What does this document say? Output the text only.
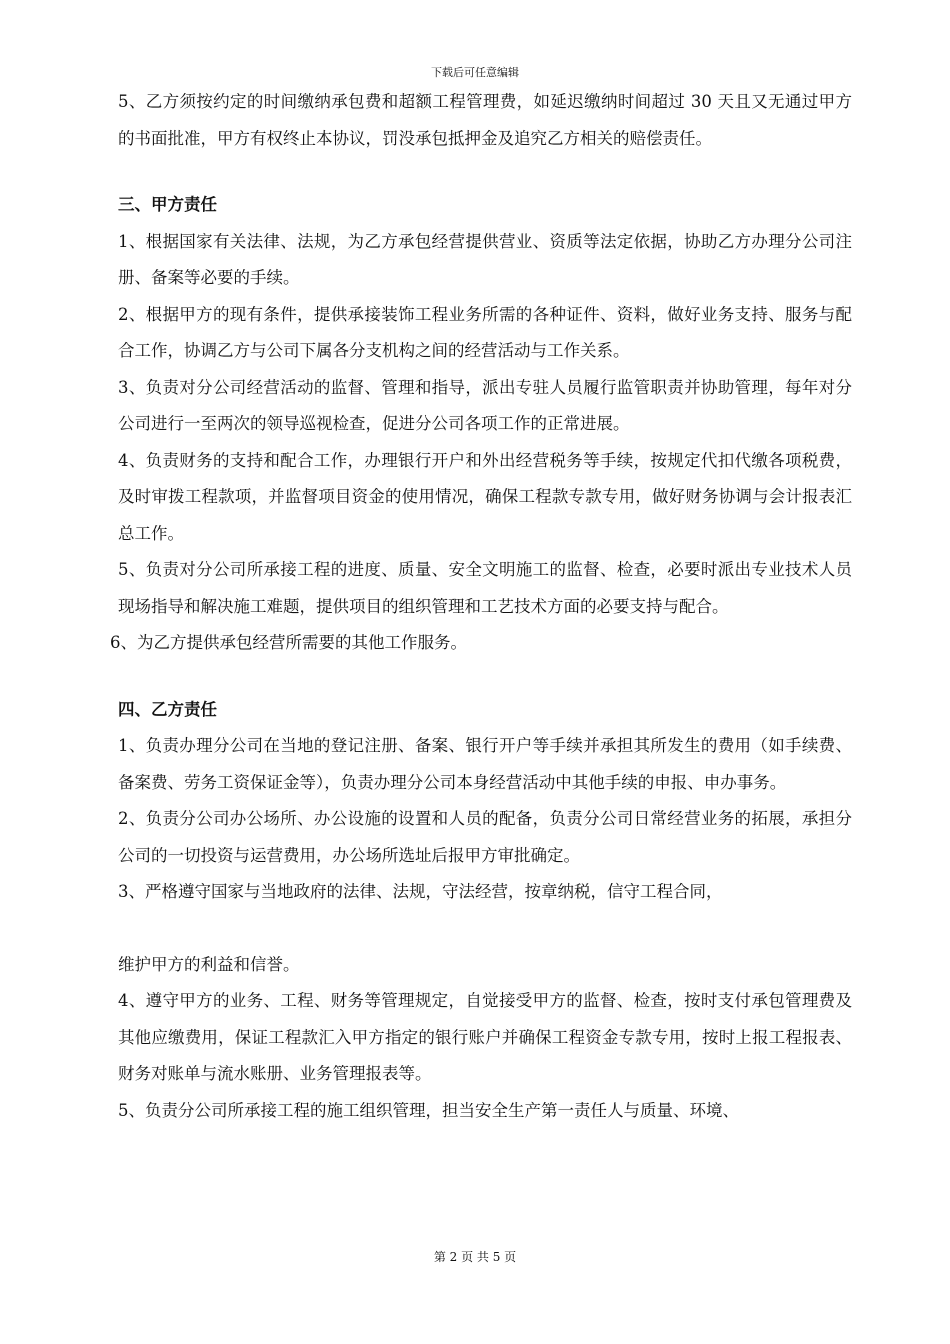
下载后可任意编辑

5、乙方须按约定的时间缴纳承包费和超额工程管理费，如延迟缴纳时间超过 30 天且又无通过甲方的书面批准，甲方有权终止本协议，罚没承包抵押金及追究乙方相关的赔偿责任。

三、甲方责任

1、根据国家有关法律、法规，为乙方承包经营提供营业、资质等法定依据，协助乙方办理分公司注册、备案等必要的手续。

2、根据甲方的现有条件，提供承接装饰工程业务所需的各种证件、资料，做好业务支持、服务与配合工作，协调乙方与公司下属各分支机构之间的经营活动与工作关系。

3、负责对分公司经营活动的监督、管理和指导，派出专驻人员履行监管职责并协助管理，每年对分公司进行一至两次的领导巡视检查，促进分公司各项工作的正常进展。

4、负责财务的支持和配合工作，办理银行开户和外出经营税务等手续，按规定代扣代缴各项税费，及时审拨工程款项，并监督项目资金的使用情况，确保工程款专款专用，做好财务协调与会计报表汇总工作。

5、负责对分公司所承接工程的进度、质量、安全文明施工的监督、检查，必要时派出专业技术人员现场指导和解决施工难题，提供项目的组织管理和工艺技术方面的必要支持与配合。

6、为乙方提供承包经营所需要的其他工作服务。

四、乙方责任

1、负责办理分公司在当地的登记注册、备案、银行开户等手续并承担其所发生的费用（如手续费、备案费、劳务工资保证金等），负责办理分公司本身经营活动中其他手续的申报、申办事务。

2、负责分公司办公场所、办公设施的设置和人员的配备，负责分公司日常经营业务的拓展，承担分公司的一切投资与运营费用，办公场所选址后报甲方审批确定。

3、严格遵守国家与当地政府的法律、法规，守法经营，按章纳税，信守工程合同，

维护甲方的利益和信誉。

4、遵守甲方的业务、工程、财务等管理规定，自觉接受甲方的监督、检查，按时支付承包管理费及其他应缴费用，保证工程款汇入甲方指定的银行账户并确保工程资金专款专用，按时上报工程报表、财务对账单与流水账册、业务管理报表等。

5、负责分公司所承接工程的施工组织管理，担当安全生产第一责任人与质量、环境、

第 2 页 共 5 页
